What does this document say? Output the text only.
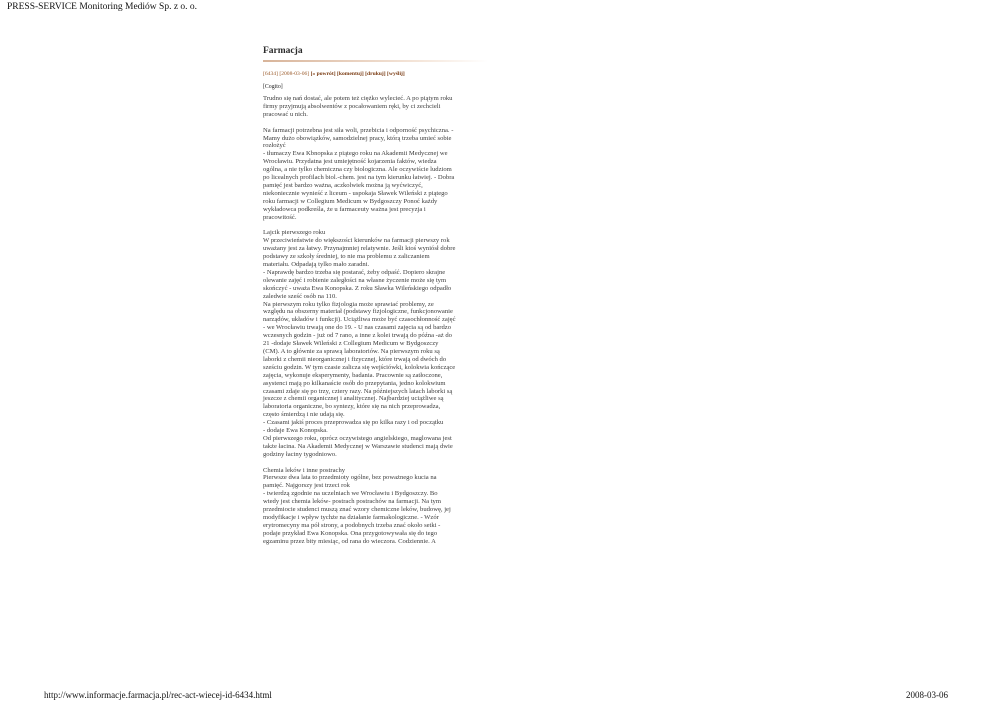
PRESS-SERVICE Monitoring Mediów Sp. z o. o.
Farmacja
[6434] [2008-03-06] [« powrót] [komentuj] [drukuj] [wyślij]
[Cogito]
Trudno się nań dostać, ale potem też ciężko wylecieć. A po piątym roku
firmy przyjmują absolwentów z pocałowaniem ręki, by ci zechcieli
pracować u nich.
Na farmacji potrzebna jest siła woli, przebicia i odporność psychiczna. -
Mamy dużo obowiązków, samodzielnej pracy, którą trzeba umieć sobie
rozłożyć
- tłumaczy Ewa Kbnopska z piątego roku na Akademii Medycznej we
Wrocławiu. Przydatna jest umiejętność kojarzenia faktów, wiedza
ogólna, a nie tylko chemiczna czy biologiczna. Ale oczywiście ludziom
po licealnych profilach biol.-chem. jest na tym kierunku łatwiej. - Dobra
pamięć jest bardzo ważna, aczkolwiek można ją wyćwiczyć,
niekoniecznie wynieść z liceum - uspokaja Sławek Wileński z piątego
roku farmacji w Collegium Medicum w Bydgoszczy Ponoć każdy
wykładowca podkreśla, że u farmaceuty ważna jest precyzja i
pracowitość.
Lajcik pierwszego roku
W przeciwieństwie do większości kierunków na farmacji pierwszy rok
uważany jest za łatwy. Przynajmniej relatywnie. Jeśli ktoś wyniósł dobre
podstawy ze szkoły średniej, to nie ma problemu z zaliczaniem
materiału. Odpadają tylko mało zaradni.
- Naprawdę bardzo trzeba się postarać, żeby odpaść. Dopiero skrajne
olewanie zajęć i robienie zaległości na własne życzenie może się tym
skończyć - uważa Ewa Konopska. Z roku Sławka Wileńskiego odpadło
zaledwie sześć osób na 110.
Na pierwszym roku tylko fizjologia może sprawiać problemy, ze
względu na obszerny materiał (podstawy fizjologiczne, funkcjonowanie
narządów, układów i funkcji). Uciążliwa może być czasochłonność zajęć
- we Wrocławiu trwają one do 19. - U nas czasami zajęcia są od bardzo
wczesnych godzin - już od 7 rano, a inne z kolei trwają do późna -aż do
21 -dodaje Sławek Wileński z Collegium Medicum w Bydgoszczy
(CM). A to głównie za sprawą laboratoriów. Na pierwszym roku są
laborki z chemii nieorganicznej i fizycznej, które trwają od dwóch do
sześciu godzin. W tym czasie zalicza się wejściówki, kolokwia kończące
zajęcia, wykonuje eksperymenty, badania. Pracownie są zatłoczone,
asystenci mają po kilkanaście osób do przepytania, jedno kolokwium
czasami zdaje się po trzy, cztery razy. Na późniejszych latach laborki są
jeszcze z chemii organicznej i analitycznej. Najbardziej uciążliwe są
laboratoria organiczne, bo syntezy, które się na nich przeprowadza,
często śmierdzą i nie udają się.
- Czasami jakiś proces przeprowadza się po kilka razy i od początku
- dodaje Ewa Konopska.
Od pierwszego roku, oprócz oczywistego angielskiego, maglowana jest
także łacina. Na Akademii Medycznej w Warszawie studenci mają dwie
godziny łaciny tygodniowo.
Chemia leków i inne postrachy
Pierwsze dwa lata to przedmioty ogólne, bez poważnego kucia na
pamięć. Najgorszy jest trzeci rok
- twierdzą zgodnie na uczelniach we Wrocławiu i Bydgoszczy. Bo
wtedy jest chemia leków- postrach postrachów na farmacji. Na tym
przedmiocie studenci muszą znać wzory chemiczne leków, budowę, jej
modyfikacje i wpływ tychże na działanie farmakologiczne. - Wzór
erytromecyny ma pół strony, a podobnych trzeba znać około setki -
podaje przykład Ewa Konopska. Ona przygotowywała się do tego
egzaminu przez bity miesiąc, od rana do wieczora. Codziennie. A
http://www.informacje.farmacja.pl/rec-act-wiecej-id-6434.html	2008-03-06
